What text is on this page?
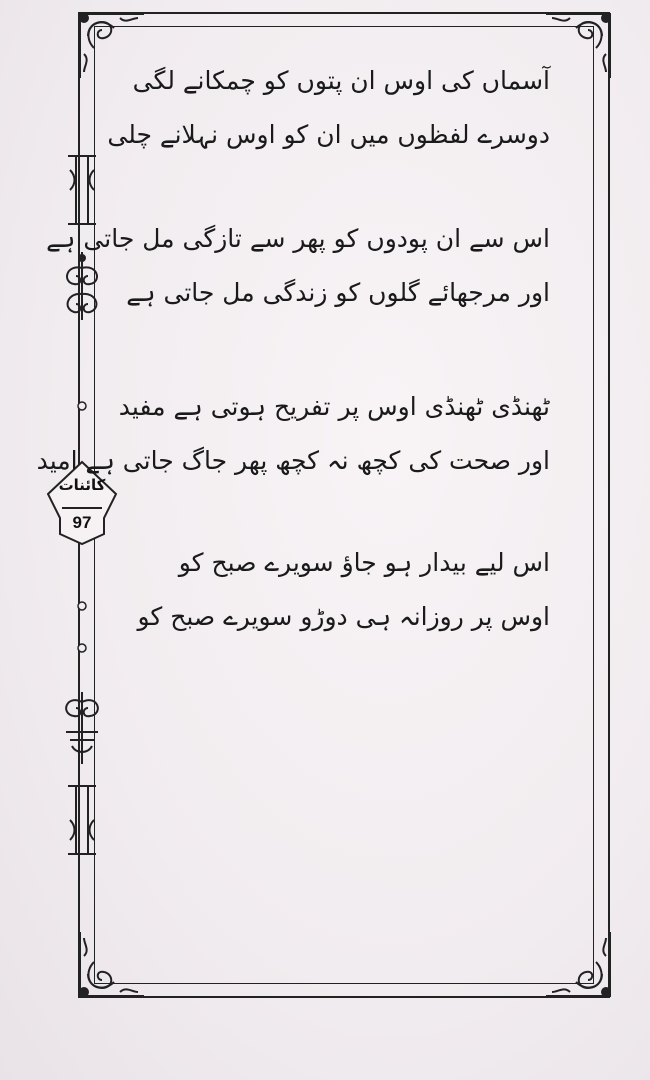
کائنات
97
آسماں کی اوس ان پتوں کو چمکانے لگی
دوسرے لفظوں میں ان کو اوس نہلانے چلی
اس سے ان پودوں کو پھر سے تازگی مل جاتی ہے
اور مرجھائے گلوں کو زندگی مل جاتی ہے
ٹھنڈی ٹھنڈی اوس پر تفریح ہوتی ہے مفید
اور صحت کی کچھ نہ کچھ پھر جاگ جاتی ہے امید
اس لیے بیدار ہو جاؤ سویرے صبح کو
اوس پر روزانہ ہی دوڑو سویرے صبح کو
